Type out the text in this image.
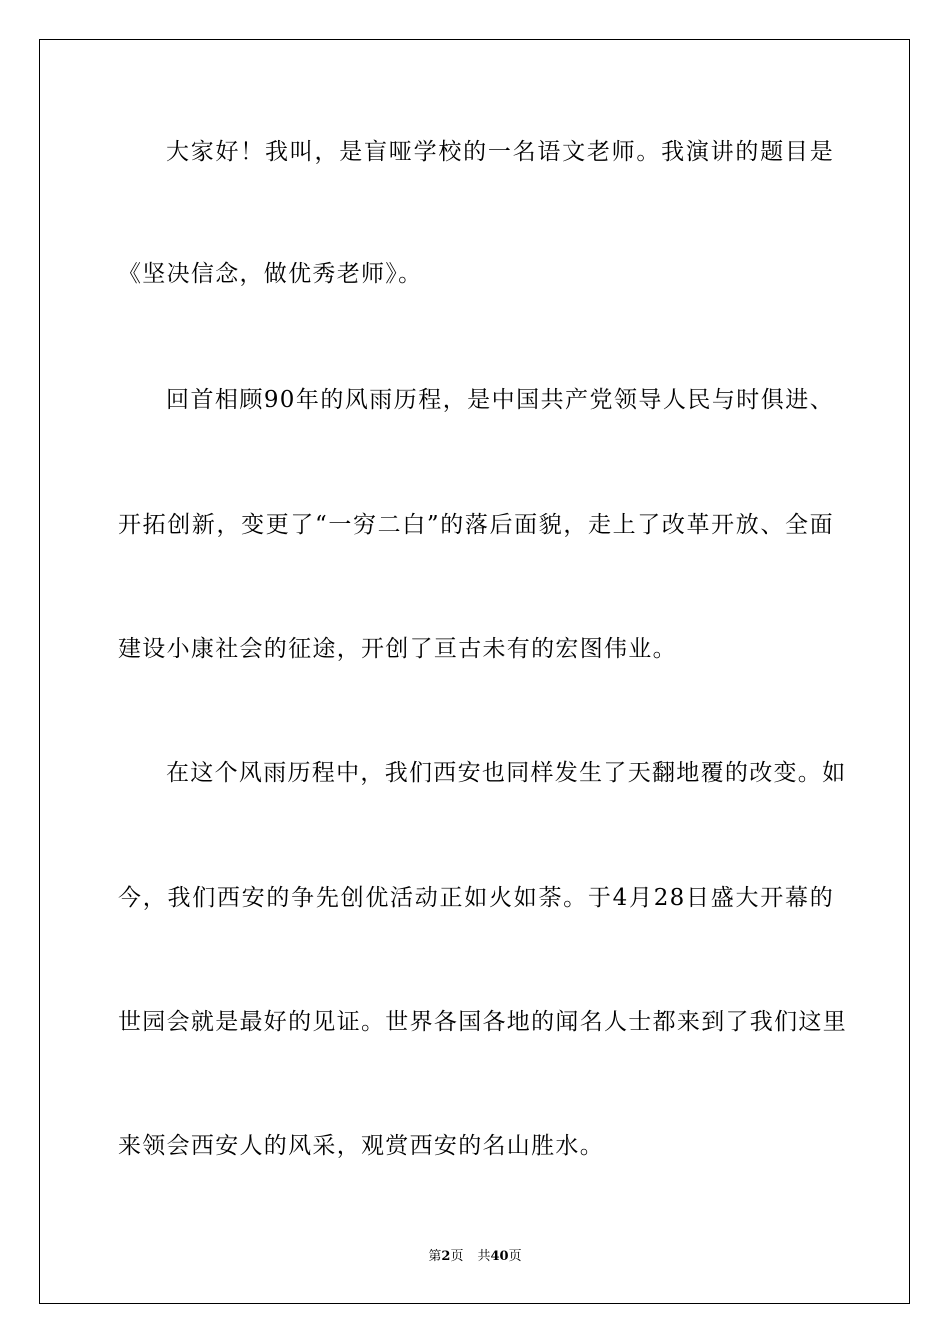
大家好！我叫，是盲哑学校的一名语文老师。我演讲的题目是
《坚决信念，做优秀老师》。
回首相顾90年的风雨历程，是中国共产党领导人民与时俱进、
开拓创新，变更了“一穷二白”的落后面貌，走上了改革开放、全面
建设小康社会的征途，开创了亘古未有的宏图伟业。
在这个风雨历程中，我们西安也同样发生了天翻地覆的改变。如
今，我们西安的争先创优活动正如火如荼。于4月28日盛大开幕的
世园会就是最好的见证。世界各国各地的闻名人士都来到了我们这里
来领会西安人的风采，观赏西安的名山胜水。
第2页 共40页
